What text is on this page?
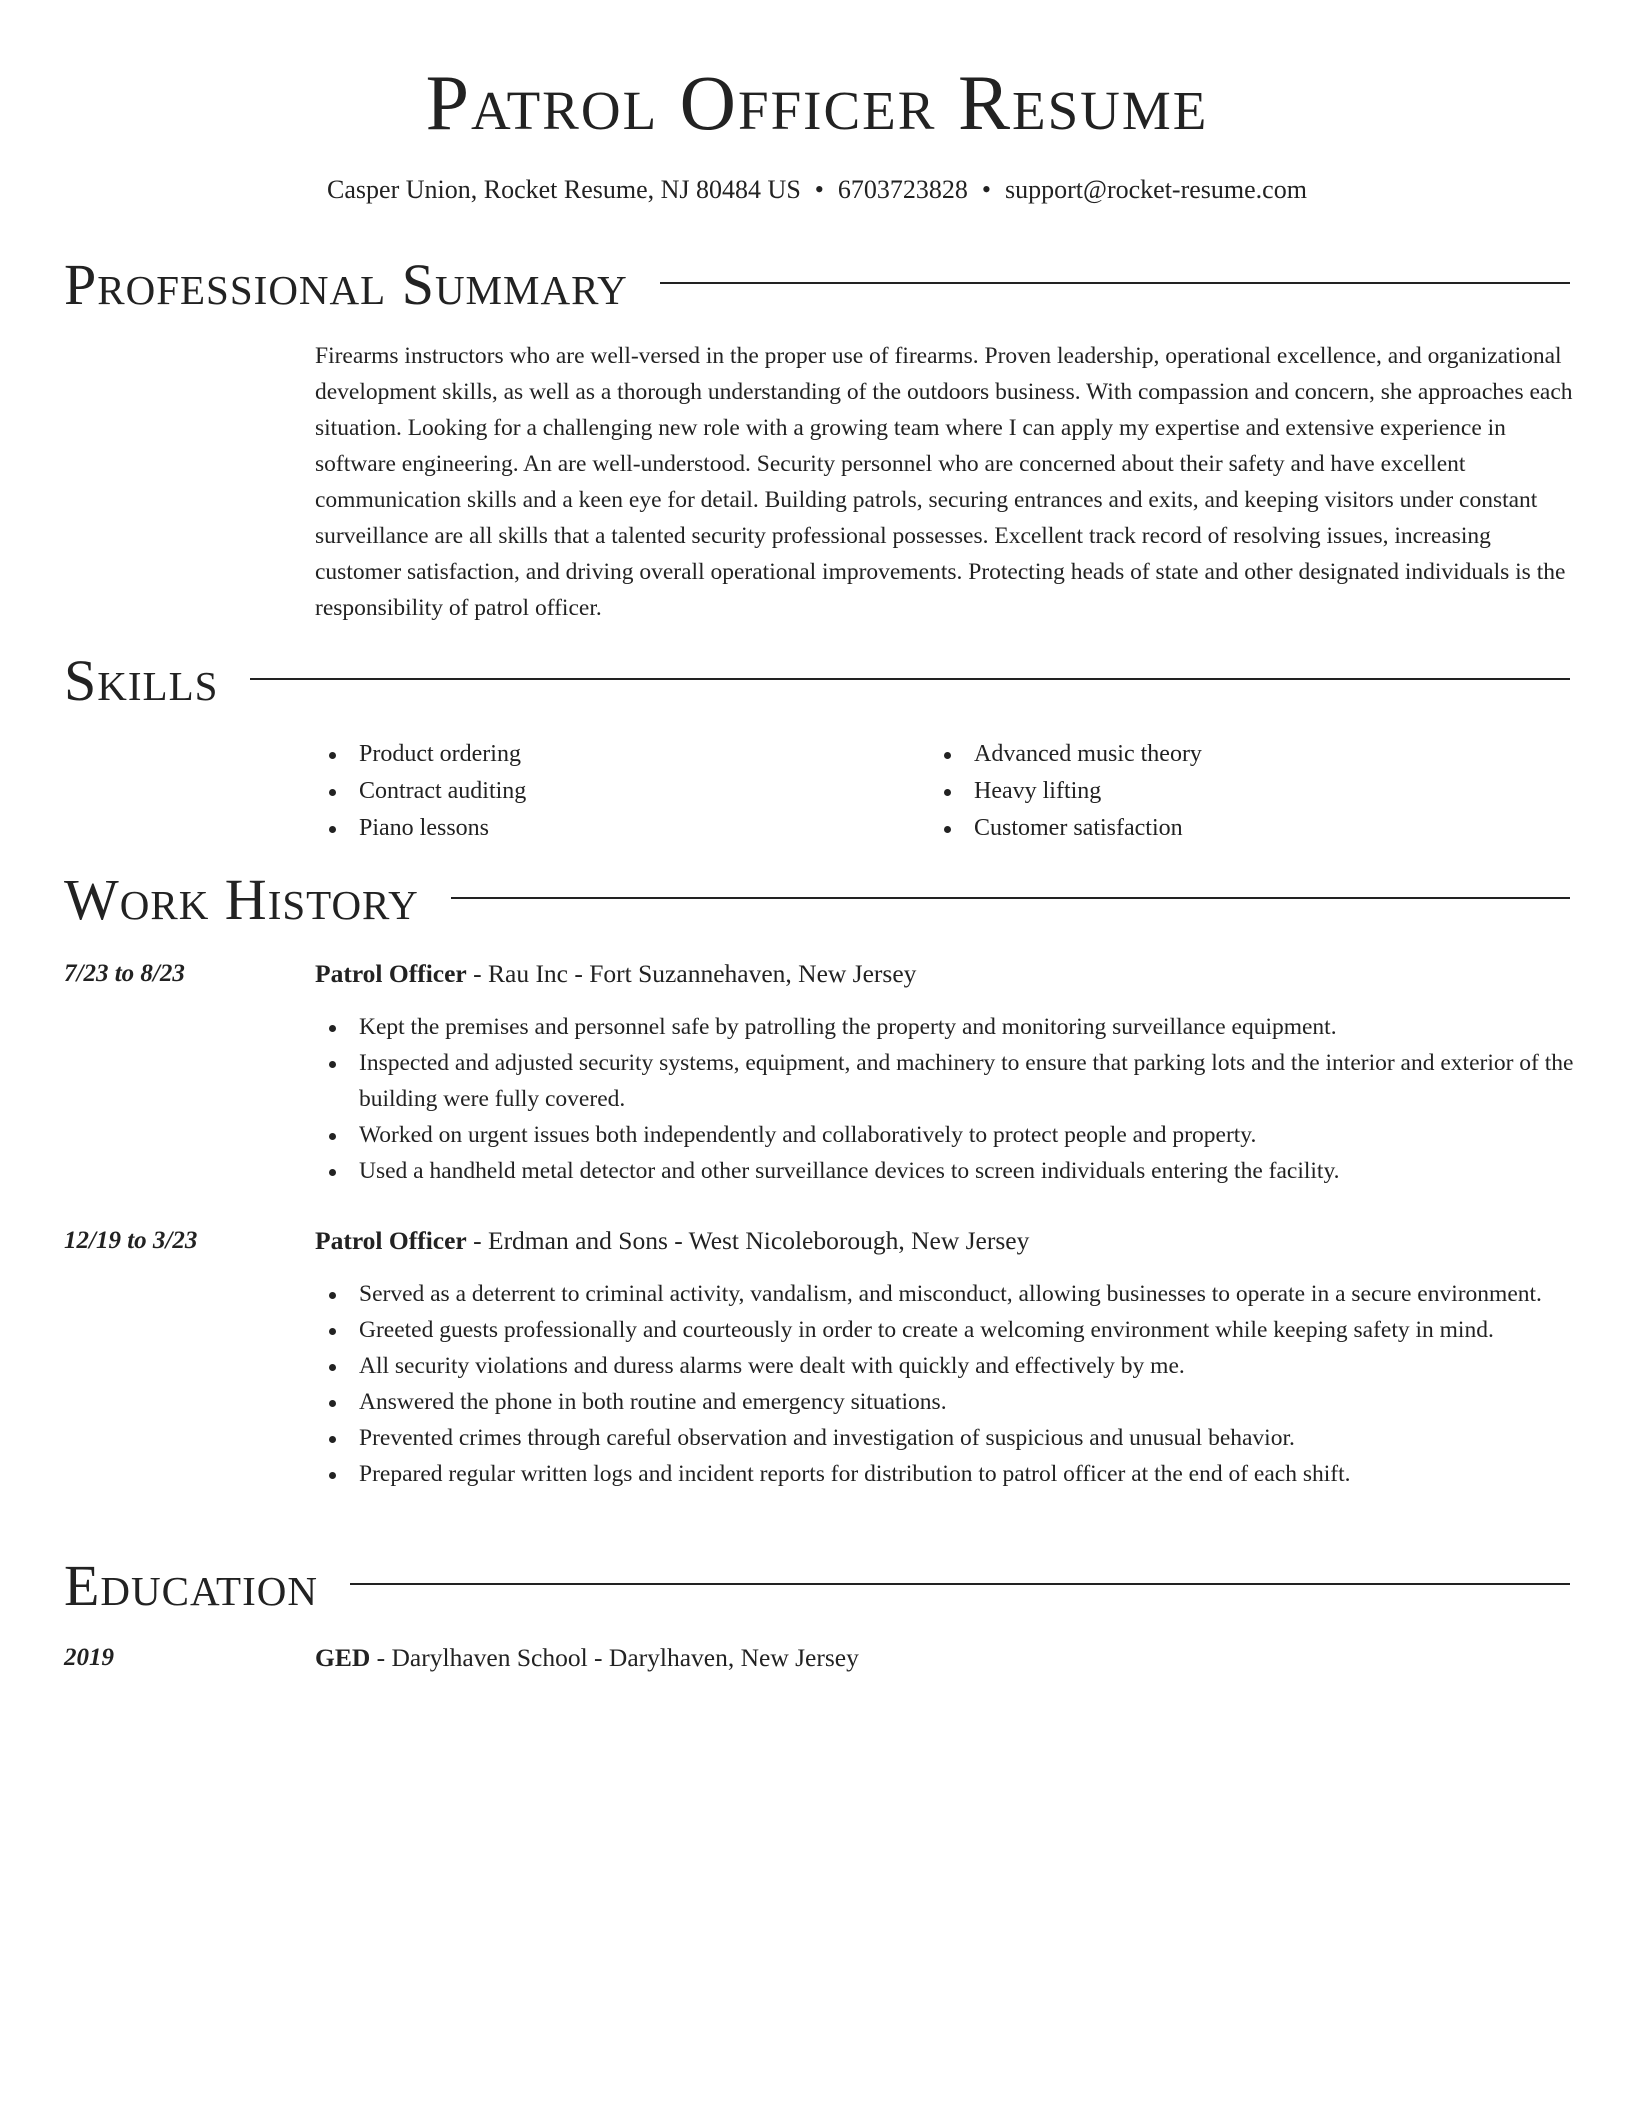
Patrol Officer Resume
Casper Union, Rocket Resume, NJ 80484 US • 6703723828 • support@rocket-resume.com
Professional Summary
Firearms instructors who are well-versed in the proper use of firearms. Proven leadership, operational excellence, and organizational development skills, as well as a thorough understanding of the outdoors business. With compassion and concern, she approaches each situation. Looking for a challenging new role with a growing team where I can apply my expertise and extensive experience in software engineering. An are well-understood. Security personnel who are concerned about their safety and have excellent communication skills and a keen eye for detail. Building patrols, securing entrances and exits, and keeping visitors under constant surveillance are all skills that a talented security professional possesses. Excellent track record of resolving issues, increasing customer satisfaction, and driving overall operational improvements. Protecting heads of state and other designated individuals is the responsibility of patrol officer.
Skills
Product ordering
Contract auditing
Piano lessons
Advanced music theory
Heavy lifting
Customer satisfaction
Work History
7/23 to 8/23	Patrol Officer - Rau Inc - Fort Suzannehaven, New Jersey
Kept the premises and personnel safe by patrolling the property and monitoring surveillance equipment.
Inspected and adjusted security systems, equipment, and machinery to ensure that parking lots and the interior and exterior of the building were fully covered.
Worked on urgent issues both independently and collaboratively to protect people and property.
Used a handheld metal detector and other surveillance devices to screen individuals entering the facility.
12/19 to 3/23	Patrol Officer - Erdman and Sons - West Nicoleborough, New Jersey
Served as a deterrent to criminal activity, vandalism, and misconduct, allowing businesses to operate in a secure environment.
Greeted guests professionally and courteously in order to create a welcoming environment while keeping safety in mind.
All security violations and duress alarms were dealt with quickly and effectively by me.
Answered the phone in both routine and emergency situations.
Prevented crimes through careful observation and investigation of suspicious and unusual behavior.
Prepared regular written logs and incident reports for distribution to patrol officer at the end of each shift.
Education
2019	GED - Darylhaven School - Darylhaven, New Jersey
